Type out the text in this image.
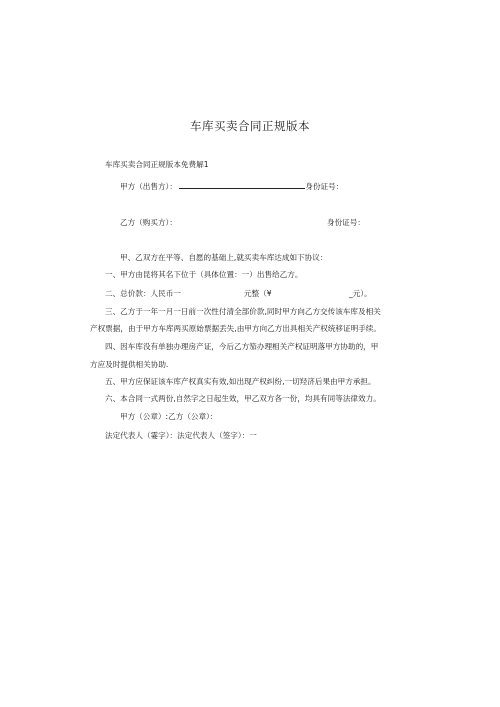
车库买卖合同正规版本
车库买卖合同正规版本免费解1
甲方（出售方）：	身份证号：
乙方（购买方）：	身份证号：
甲、乙双方在平等、自愿的基础上,就买卖车库达成如下协议：
一、甲方由昆将其名下位于（具体位置：一）出售给乙方。
二、总价款：人民币一	元整（¥	_元）。
三、乙方于一年一月一日前一次性付清全部价款,同时甲方向乙方交传该车库及相关
产权票据，由于甲方车库两买原始票据丢失,由甲方向乙方出具相关产权统移证明手续。
四、因车库没有单独办理房产证，今后乙方笳办理相关产权证明落甲方协助的，甲
方应及时提供相关协助.
五、甲方应保证该车库产权真实有效,如出现产权纠纷,一切羟济后果由甲方承担。
六、本合同一式两份,自然字之日起生效，甲乙双方各一份，均具有同等法律效力。
甲方（公章）:乙方（公章）：
法定代表人（霎字）：法定代表人（签字）：一
